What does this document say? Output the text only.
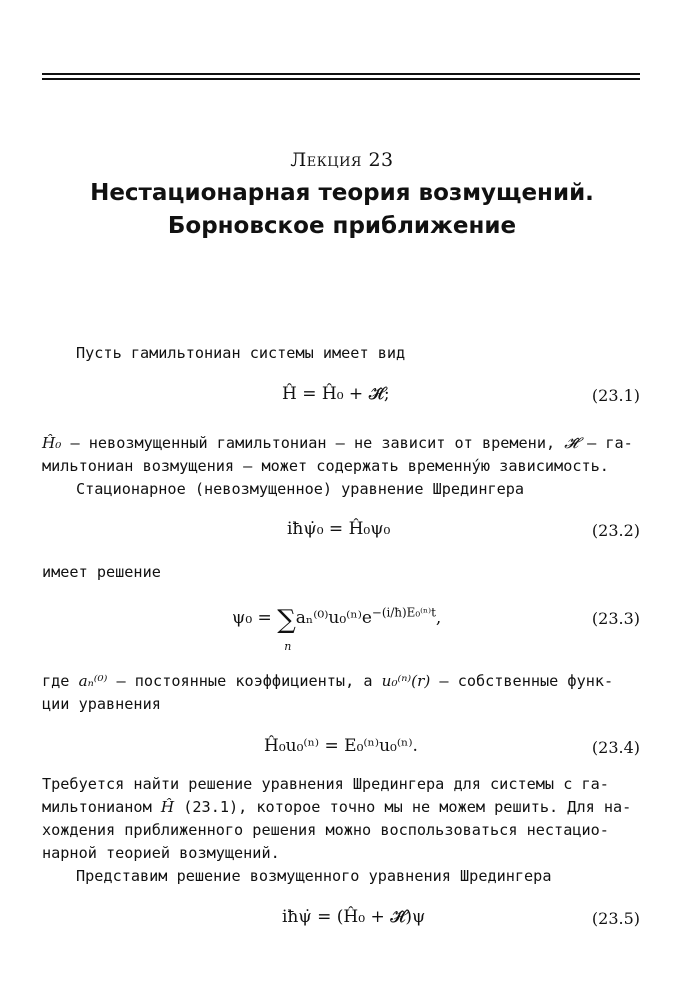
Лекция 23
Нестационарная теория возмущений.
Борновское приближение
Пусть гамильтониан системы имеет вид
Ĥ = Ĥ₀ + 𝓗̂;	(23.1)
Ĥ₀ — невозмущенный гамильтониан — не зависит от времени, 𝓗̂ — га-
мильтониан возмущения — может содержать временну́ю зависимость.
Стационарное (невозмущенное) уравнение Шредингера
iħψ̇₀ = Ĥ₀ψ₀	(23.2)
имеет решение
ψ₀ = ∑
n
$a_n^{(0)}u_0^{(n)}e^{-(i/ħ)E_0^{(n)}t}$,	(23.3)
где aₙ⁽⁰⁾ — постоянные коэффициенты, а u₀⁽ⁿ⁾(r) — собственные функ-
ции уравнения
Ĥ₀u₀⁽ⁿ⁾ = E₀⁽ⁿ⁾u₀⁽ⁿ⁾.	(23.4)
Требуется найти решение уравнения Шредингера для системы с га-
мильтонианом Ĥ (23.1), которое точно мы не можем решить. Для на-
хождения приближенного решения можно воспользоваться нестацио-
нарной теорией возмущений.
Представим решение возмущенного уравнения Шредингера
iħψ̇ = (Ĥ₀ + 𝓗̂)ψ	(23.5)
